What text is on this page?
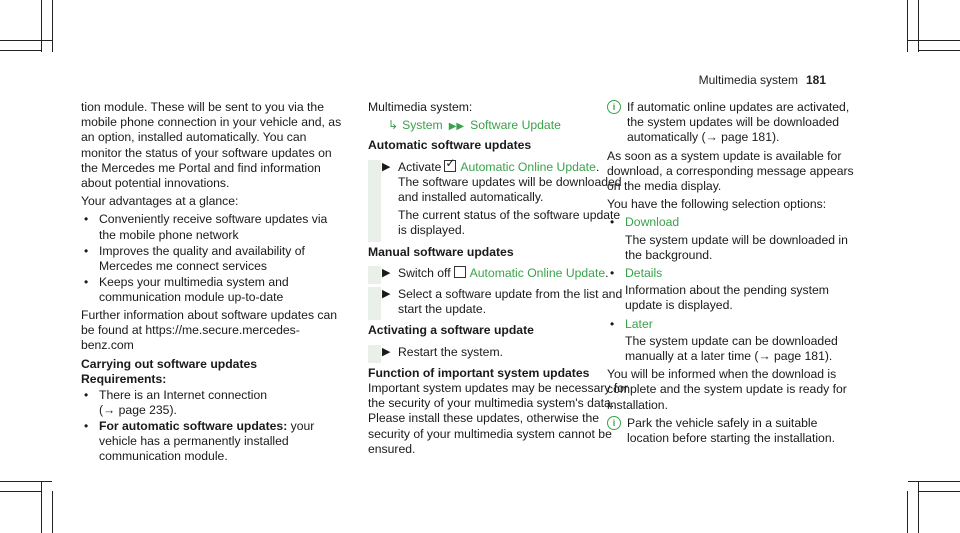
Multimedia system 181

tion module. These will be sent to you via the mobile phone connection in your vehicle and, as an option, installed automatically. You can monitor the status of your software updates on the Mercedes me Portal and find information about potential innovations.

Your advantages at a glance:

• Conveniently receive software updates via the mobile phone network
• Improves the quality and availability of Mercedes me connect services
• Keeps your multimedia system and communication module up-to-date

Further information about software updates can be found at https://me.secure.mercedes-benz.com

Carrying out software updates
Requirements:
• There is an Internet connection
(→ page 235).
• For automatic software updates: your vehicle has a permanently installed communication module.

Multimedia system:

↳ System ▶▶ Software Update
Automatic software updates
▶ Activate✓ Automatic Online Update.
The software updates will be downloaded and installed automatically.
The current status of the software update is displayed.
Manual software updates
▶ Switch off Automatic Online Update.
▶ Select a software update from the list and start the update.
Activating a software update
▶ Restart the system.
Function of important system updates

Important system updates may be necessary for the security of your multimedia system's data. Please install these updates, otherwise the security of your multimedia system cannot be ensured.

i If automatic online updates are activated, the system updates will be downloaded automatically (→ page 181).

As soon as a system update is available for download, a corresponding message appears on the media display.

You have the following selection options:

• Download

The system update will be downloaded in the background.

• Details

Information about the pending system update is displayed.

• Later

The system update can be downloaded manually at a later time (→ page 181).

You will be informed when the download is complete and the system update is ready for installation.

i Park the vehicle safely in a suitable location before starting the installation.
